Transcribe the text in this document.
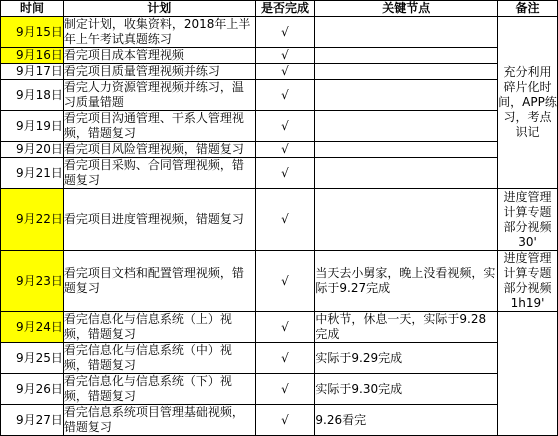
时间	计划	是否完成	关键节点	备注
9月15日	制定计划，收集资料，2018年上半年上午考试真题练习	√		充分利用碎片化时间，APP练习，考点识记
9月16日	看完项目成本管理视频	√		
9月17日	看完项目质量管理视频并练习	√		
9月18日	看完人力资源管理视频并练习，温习质量错题	√		
9月19日	看完项目沟通管理、干系人管理视频，错题复习	√		
9月20日	看完项目风险管理视频，错题复习	√		
9月21日	看完项目采购、合同管理视频，错题复习	√		
9月22日	看完项目进度管理视频，错题复习	√		进度管理计算专题部分视频30'
9月23日	看完项目文档和配置管理视频，错题复习	√	当天去小舅家，晚上没看视频，实际于9.27完成	进度管理计算专题部分视频1h19'
9月24日	看完信息化与信息系统（上）视频，错题复习	√	中秋节，休息一天，实际于9.28完成	
9月25日	看完信息化与信息系统（中）视频，错题复习	√	实际于9.29完成	
9月26日	看完信息化与信息系统（下）视频，错题复习	√	实际于9.30完成	
9月27日	看完信息系统项目管理基础视频，错题复习	√	9.26看完	
